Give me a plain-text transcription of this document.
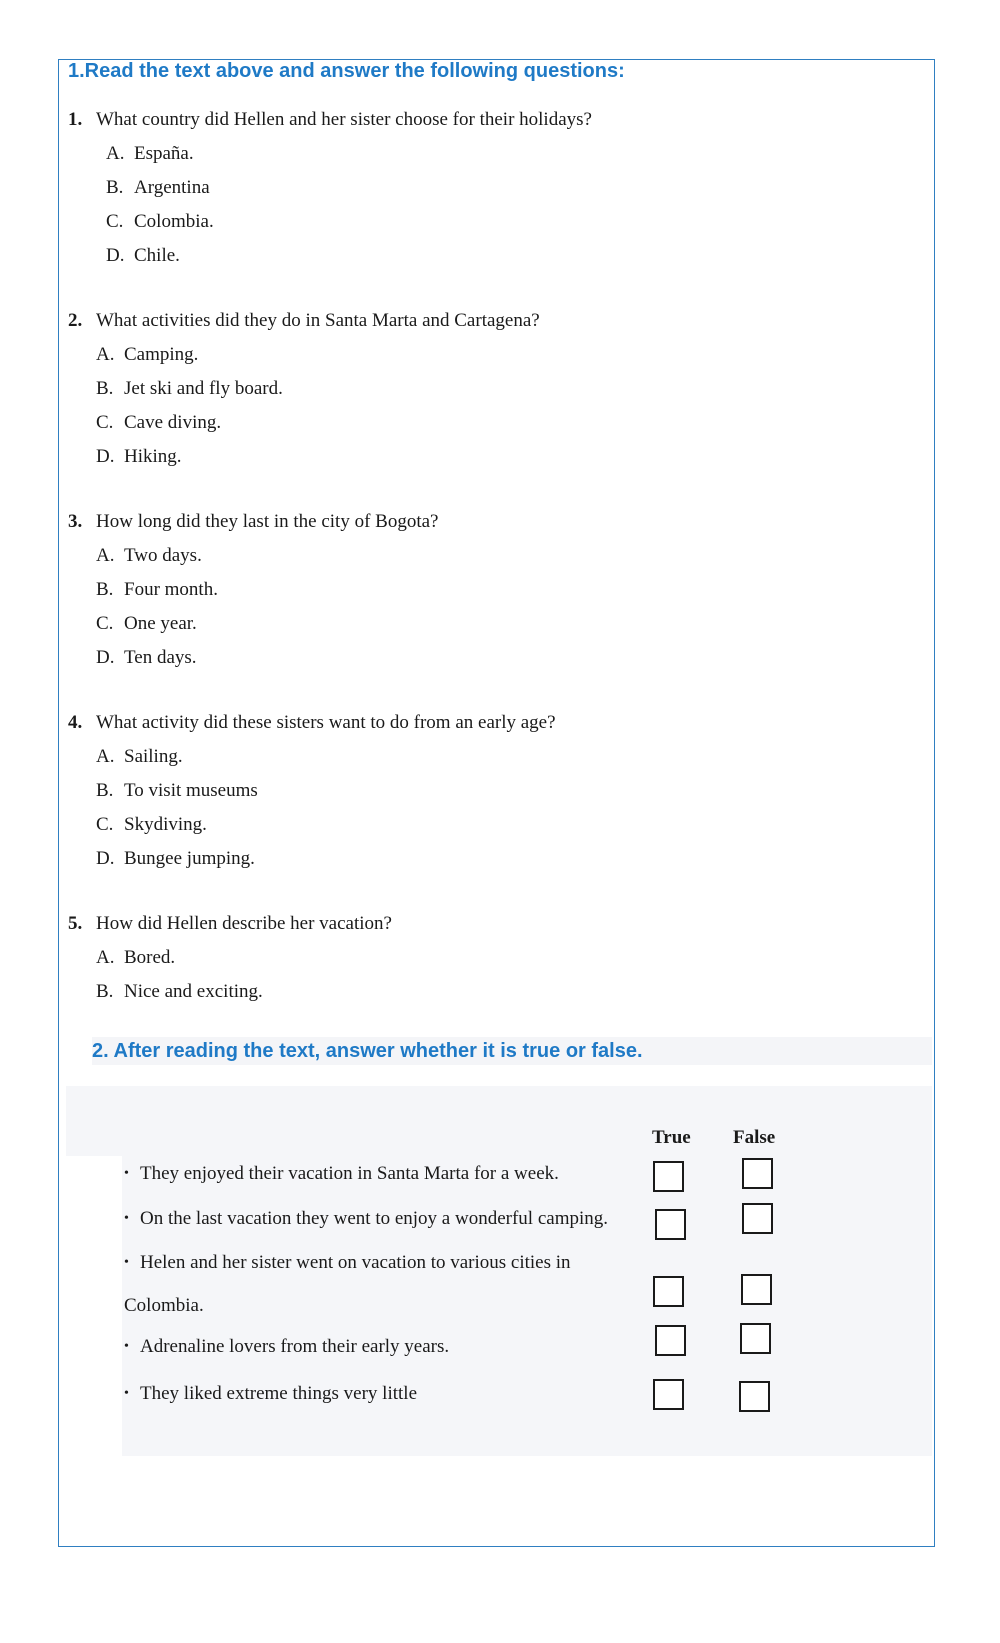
1.Read the text above and answer the following questions:
1. What country did Hellen and her sister choose for their holidays?
A. España.
B. Argentina
C. Colombia.
D. Chile.
2. What activities did they do in Santa Marta and Cartagena?
A. Camping.
B. Jet ski and fly board.
C. Cave diving.
D. Hiking.
3. How long did they last in the city of Bogota?
A. Two days.
B. Four month.
C. One year.
D. Ten days.
4. What activity did these sisters want to do from an early age?
A. Sailing.
B. To visit museums
C. Skydiving.
D. Bungee jumping.
5. How did Hellen describe her vacation?
A. Bored.
B. Nice and exciting.
2. After reading the text, answer whether it is true or false.
True False
• They enjoyed their vacation in Santa Marta for a week.
• On the last vacation they went to enjoy a wonderful camping.
• Helen and her sister went on vacation to various cities in
Colombia.
• Adrenaline lovers from their early years.
• They liked extreme things very little
